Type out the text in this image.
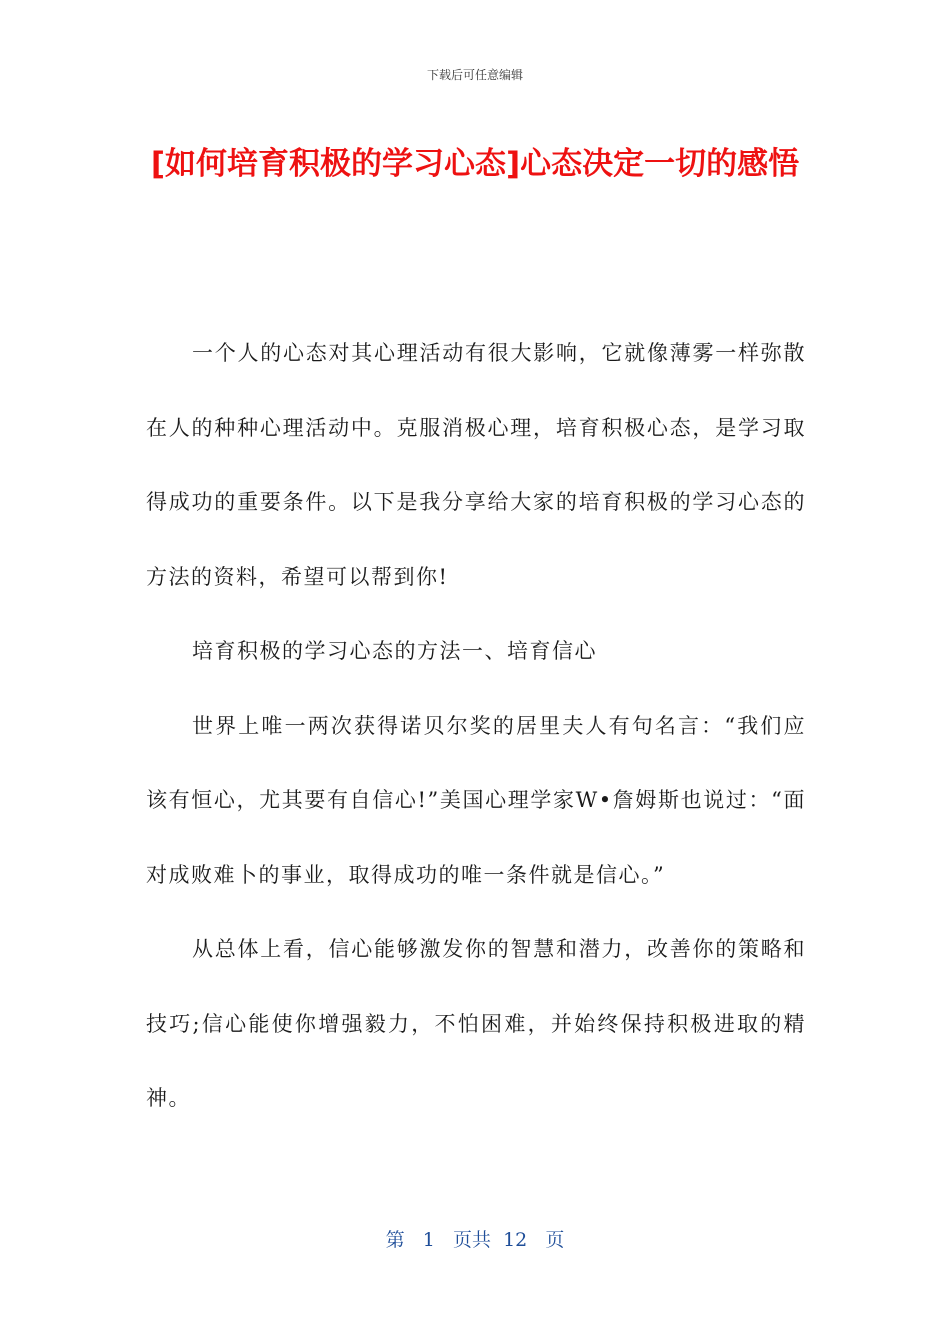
下载后可任意编辑
[如何培育积极的学习心态]心态决定一切的感悟

一个人的心态对其心理活动有很大影响，它就像薄雾一样弥散在人的种种心理活动中。克服消极心理，培育积极心态，是学习取得成功的重要条件。以下是我分享给大家的培育积极的学习心态的方法的资料，希望可以帮到你!

培育积极的学习心态的方法一、培育信心

世界上唯一两次获得诺贝尔奖的居里夫人有句名言：“我们应该有恒心，尤其要有自信心!”美国心理学家W•詹姆斯也说过：“面对成败难卜的事业，取得成功的唯一条件就是信心。”

从总体上看，信心能够激发你的智慧和潜力，改善你的策略和技巧;信心能使你增强毅力，不怕困难，并始终保持积极进取的精神。

第 1 页共 12 页
